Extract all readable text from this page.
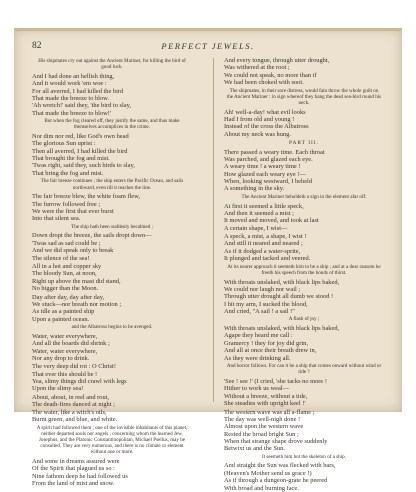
82	PERFECT JEWELS.
His shipmates cry out against the Ancient Mariner, for killing the bird of good luck.
And I had done an hellish thing,
And it would work 'em woe :
For all averred, I had killed the bird
That made the breeze to blow.
'Ah wretch!' said they, 'the bird to slay,
That made the breeze to blow!'
But when the fog cleared off, they justify the same, and thus make themselves accomplices in the crime.
Nor dim nor red, like God's own head
The glorious Sun uprist :
Then all averred, I had killed the bird
That brought the fog and mist.
'Twas right, said they, such birds to slay,
That bring the fog and mist.
The fair breeze continues ; the ship enters the Pacific Ocean, and sails northward, even till it reaches the line.
The fair breeze blew, the white foam flew,
The furrow followed free ;
We were the first that ever burst
Into that silent sea.
The ship hath been suddenly becalmed ;
Down dropt the breeze, the sails dropt down—
'Twas sad as sad could be ;
And we did speak only to break
The silence of the sea!
All in a hot and copper sky
The bloody Sun, at noon,
Right up above the mast did stand,
No bigger than the Moon.
Day after day, day after day,
We stuck—nor breath nor motion ;
As idle as a painted ship
Upon a painted ocean.
and the Albatross begins to be avenged.
Water, water everywhere,
And all the boards did shrink ;
Water, water everywhere,
Nor any drop to drink.
The very deep did rot : O Christ!
That ever this should be !
Yea, slimy things did crawl with legs
Upon the slimy sea!
About, about, in reel and rout,
The death-fires danced at night ;
The water, like a witch's oils,
Burnt green, and blue, and white.
A spirit had followed them ; one of the invisible inhabitants of this planet, neither departed souls nor angels ; concerning whom the learned Jew, Josephus, and the Platonic Constantinopolitan, Michael Psellus, may be consulted. They are very numerous, and there is no climate or element without one or more.
And some in dreams assured were
Of the Spirit that plagued us so :
Nine fathom deep he had followed us
From the land of mist and snow.
And every tongue, through utter drought,
Was withered at the root ;
We could not speak, no more than if
We had been choked with soot.
The shipmates, in their sore distress, would fain throw the whole guilt on the Ancient Mariner : in sign whereof they hang the dead sea-bird round his neck.
Ah! well-a-day! what evil looks
Had I from old and young !
Instead of the cross the Albatross
About my neck was hung.
PART III.
There passed a weary time. Each throat
Was parched, and glazed each eye.
A weary time ! a weary time !
How glazed each weary eye !—
When, looking westward, I beheld
A something in the sky.
The Ancient Mariner beholdeth a sign in the element afar off.
At first it seemed a little speck,
And then it seemed a mist ;
It moved and moved, and took at last
A certain shape, I wist—
A speck, a mist, a shape, I wist !
And still it neared and neared ;
As if it dodged a water-sprite,
It plunged and tacked and veered.
At its nearer approach it seemeth him to be a ship ; and at a dear ransom he freeth his speech from the bonds of thirst.
With throats unslaked, with black lips baked,
We could nor laugh nor wail ;
Through utter drought all dumb we stood !
I bit my arm, I sucked the blood,
And cried, "A sail ! a sail !"
A flash of joy ;
With throats unslaked, with black lips baked,
Agape they heard me call :
Gramercy ! they for joy did grin,
And all at once their breath drew in,
As they were drinking all.
And horror follows. For can it be a ship that comes onward without wind or tide ?
'See ! see !' (I cried, 'she tacks no more !
Hither to work us weal—
Without a breeze, without a tide,
She steadies with upright keel !'
The western wave was all a-flame ;
The day was well-nigh done !
Almost upon the western wave
Rested the broad bright Sun ;
When that strange shape drove suddenly
Betwixt us and the Sun.
It seemeth him but the skeleton of a ship.
And straight the Sun was flecked with bars,
(Heaven's Mother send us grace !)
As if through a dungeon-grate he peered
With broad and burning face.
